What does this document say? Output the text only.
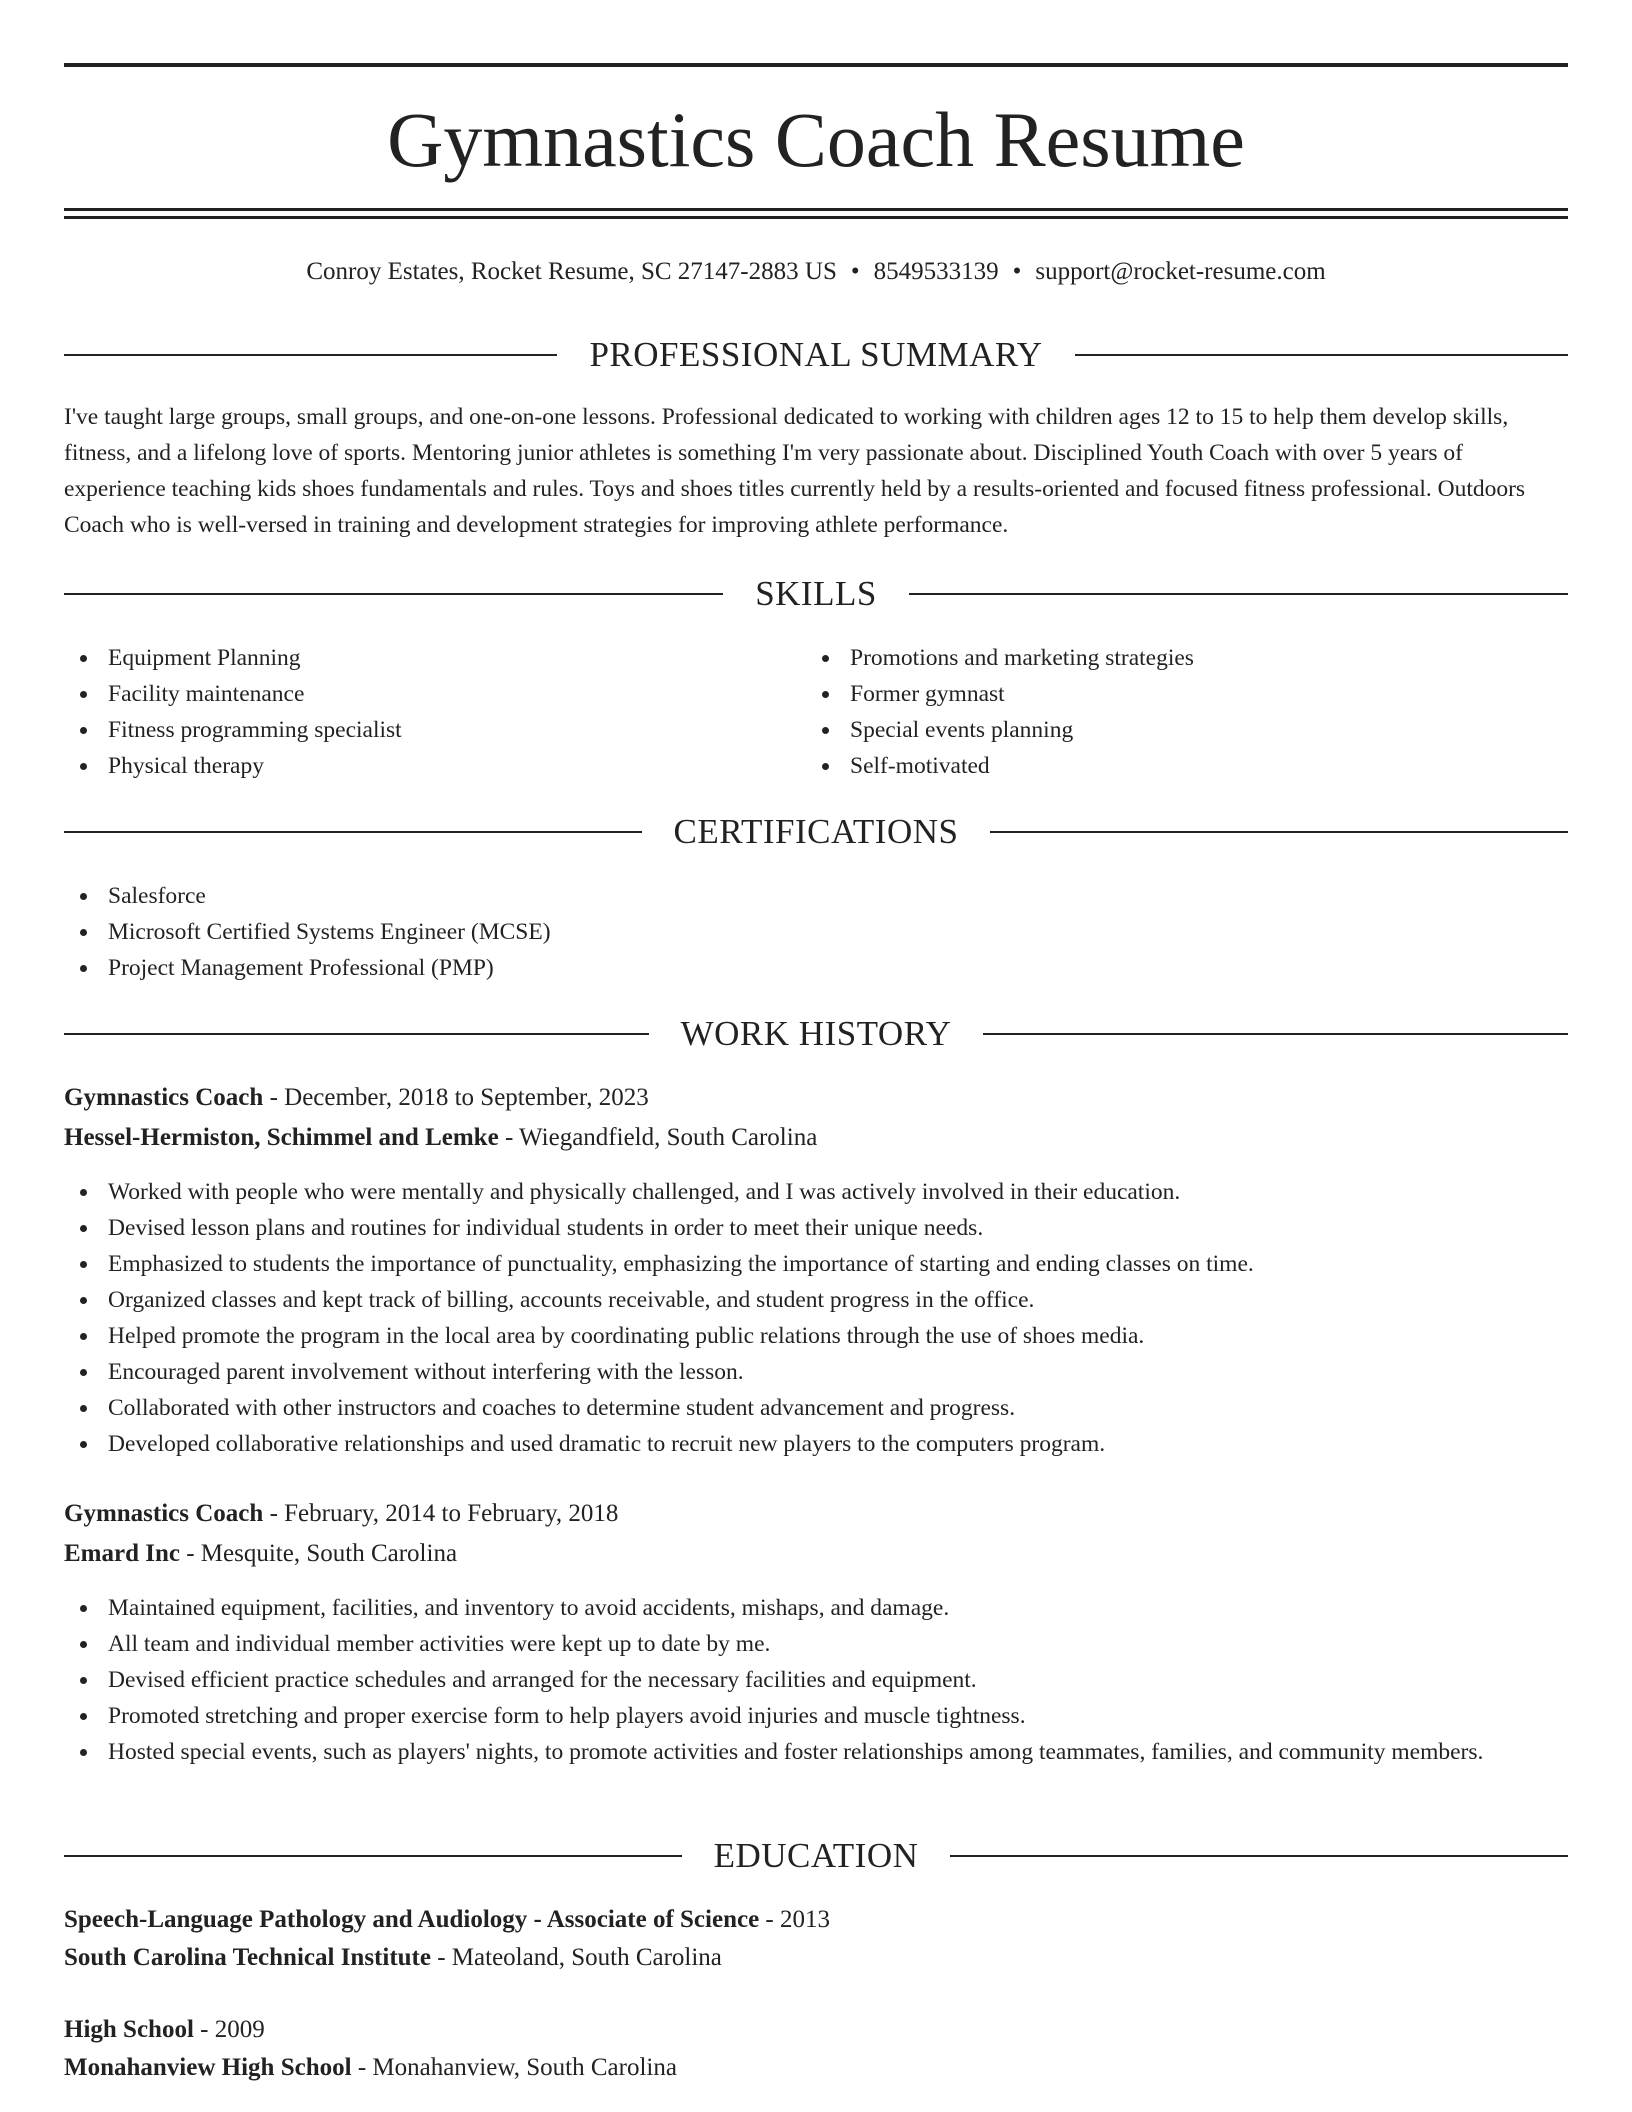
Gymnastics Coach Resume
Conroy Estates, Rocket Resume, SC 27147-2883 US • 8549533139 • support@rocket-resume.com
PROFESSIONAL SUMMARY
I've taught large groups, small groups, and one-on-one lessons. Professional dedicated to working with children ages 12 to 15 to help them develop skills, fitness, and a lifelong love of sports. Mentoring junior athletes is something I'm very passionate about. Disciplined Youth Coach with over 5 years of experience teaching kids shoes fundamentals and rules. Toys and shoes titles currently held by a results-oriented and focused fitness professional. Outdoors Coach who is well-versed in training and development strategies for improving athlete performance.
SKILLS
Equipment Planning
Facility maintenance
Fitness programming specialist
Physical therapy
Promotions and marketing strategies
Former gymnast
Special events planning
Self-motivated
CERTIFICATIONS
Salesforce
Microsoft Certified Systems Engineer (MCSE)
Project Management Professional (PMP)
WORK HISTORY
Gymnastics Coach - December, 2018 to September, 2023
Hessel-Hermiston, Schimmel and Lemke - Wiegandfield, South Carolina
Worked with people who were mentally and physically challenged, and I was actively involved in their education.
Devised lesson plans and routines for individual students in order to meet their unique needs.
Emphasized to students the importance of punctuality, emphasizing the importance of starting and ending classes on time.
Organized classes and kept track of billing, accounts receivable, and student progress in the office.
Helped promote the program in the local area by coordinating public relations through the use of shoes media.
Encouraged parent involvement without interfering with the lesson.
Collaborated with other instructors and coaches to determine student advancement and progress.
Developed collaborative relationships and used dramatic to recruit new players to the computers program.
Gymnastics Coach - February, 2014 to February, 2018
Emard Inc - Mesquite, South Carolina
Maintained equipment, facilities, and inventory to avoid accidents, mishaps, and damage.
All team and individual member activities were kept up to date by me.
Devised efficient practice schedules and arranged for the necessary facilities and equipment.
Promoted stretching and proper exercise form to help players avoid injuries and muscle tightness.
Hosted special events, such as players' nights, to promote activities and foster relationships among teammates, families, and community members.
EDUCATION
Speech-Language Pathology and Audiology - Associate of Science - 2013
South Carolina Technical Institute - Mateoland, South Carolina
High School - 2009
Monahanview High School - Monahanview, South Carolina
